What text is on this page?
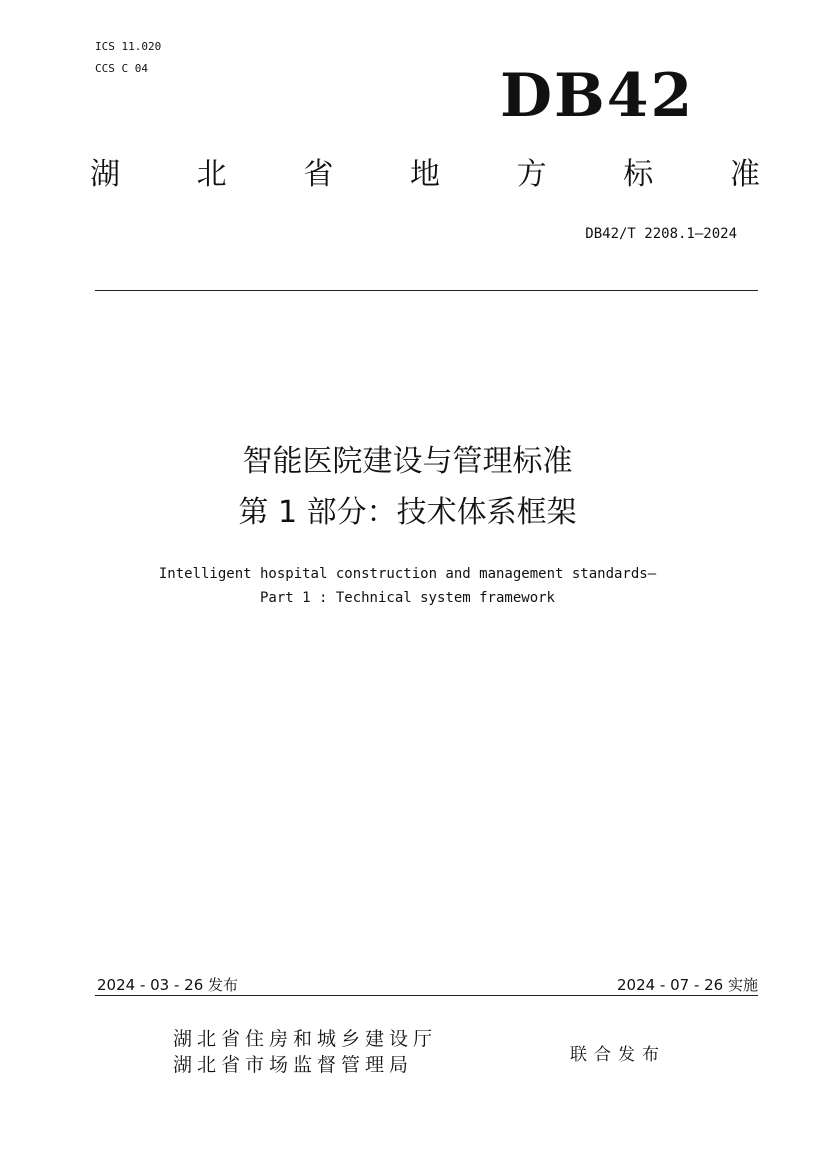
ICS 11.020
CCS C 04	DB42
湖	北	省	地	方	标	准
DB42/T 2208.1—2024
智能医院建设与管理标准
第 1 部分：技术体系框架
Intelligent hospital construction and management standards—
Part 1 : Technical system framework
2024 - 03 - 26 发布	2024 - 07 - 26 实施
湖北省住房和城乡建设厅
湖北省市场监督管理局	联合发布
